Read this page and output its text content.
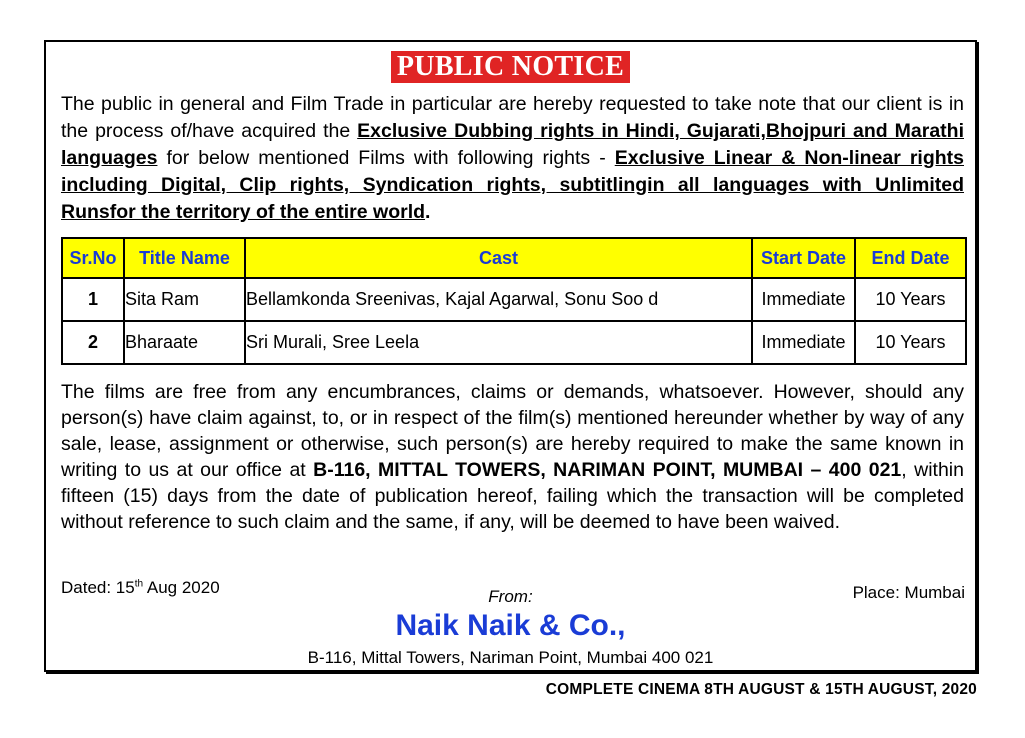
PUBLIC NOTICE
The public in general and Film Trade in particular are hereby requested to take note that our client is in the process of/have acquired the Exclusive Dubbing rights in Hindi, Gujarati,Bhojpuri and Marathi languages for below mentioned Films with following rights - Exclusive Linear & Non-linear rights including Digital, Clip rights, Syndication rights, subtitlingin all languages with Unlimited Runsfor the territory of the entire world.
Sr.No	Title Name	Cast	Start Date	End Date
1	Sita Ram	Bellamkonda Sreenivas, Kajal Agarwal, Sonu Soo d	Immediate	10 Years
2	Bharaate	Sri Murali, Sree Leela	Immediate	10 Years
The films are free from any encumbrances, claims or demands, whatsoever. However, should any person(s) have claim against, to, or in respect of the film(s) mentioned hereunder whether by way of any sale, lease, assignment or otherwise, such person(s) are hereby required to make the same known in writing to us at our office at B-116, MITTAL TOWERS, NARIMAN POINT, MUMBAI – 400 021, within fifteen (15) days from the date of publication hereof, failing which the transaction will be completed without reference to such claim and the same, if any, will be deemed to have been waived.
Dated: 15th Aug 2020	From:	Place: Mumbai
Naik Naik & Co.,
B-116, Mittal Towers, Nariman Point, Mumbai 400 021
COMPLETE CINEMA 8TH AUGUST & 15TH AUGUST, 2020
